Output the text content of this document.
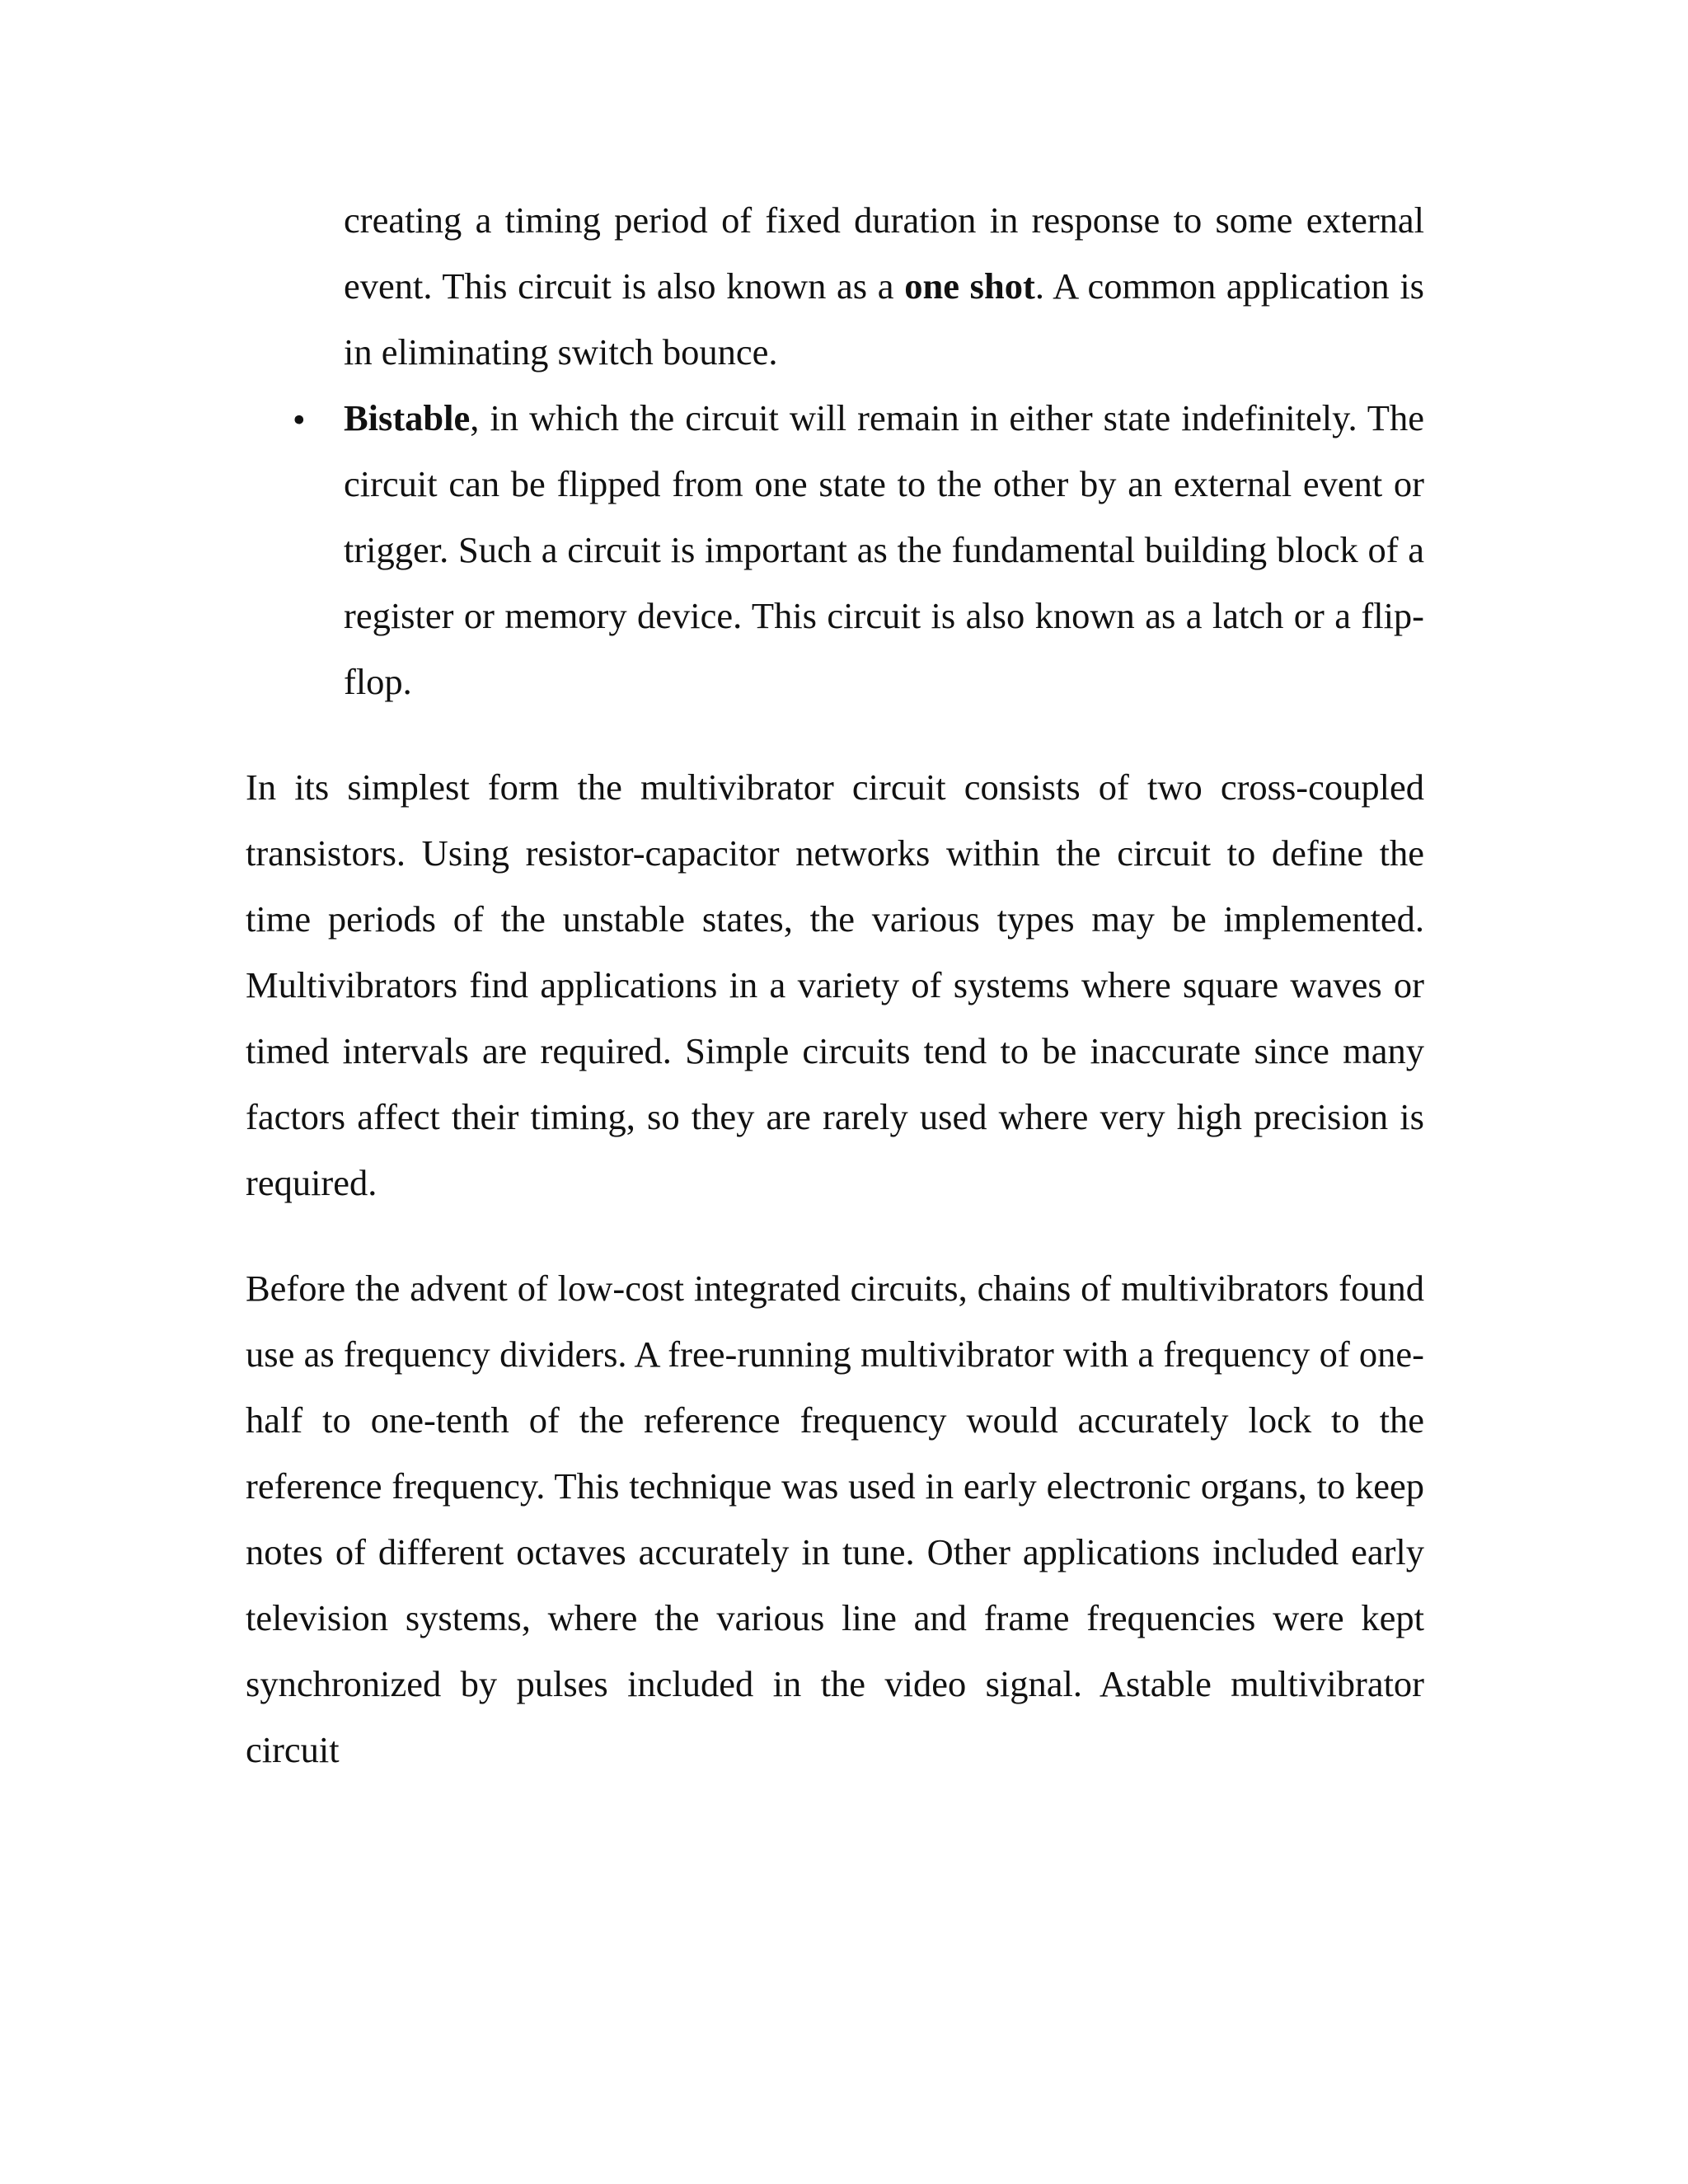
creating a timing period of fixed duration in response to some external event. This circuit is also known as a one shot. A common application is in eliminating switch bounce.

• Bistable, in which the circuit will remain in either state indefinitely. The circuit can be flipped from one state to the other by an external event or trigger. Such a circuit is important as the fundamental building block of a register or memory device. This circuit is also known as a latch or a flip-flop.

In its simplest form the multivibrator circuit consists of two cross-coupled transistors. Using resistor-capacitor networks within the circuit to define the time periods of the unstable states, the various types may be implemented. Multivibrators find applications in a variety of systems where square waves or timed intervals are required. Simple circuits tend to be inaccurate since many factors affect their timing, so they are rarely used where very high precision is required.

Before the advent of low-cost integrated circuits, chains of multivibrators found use as frequency dividers. A free-running multivibrator with a frequency of one-half to one-tenth of the reference frequency would accurately lock to the reference frequency. This technique was used in early electronic organs, to keep notes of different octaves accurately in tune. Other applications included early television systems, where the various line and frame frequencies were kept synchronized by pulses included in the video signal. Astable multivibrator circuit
